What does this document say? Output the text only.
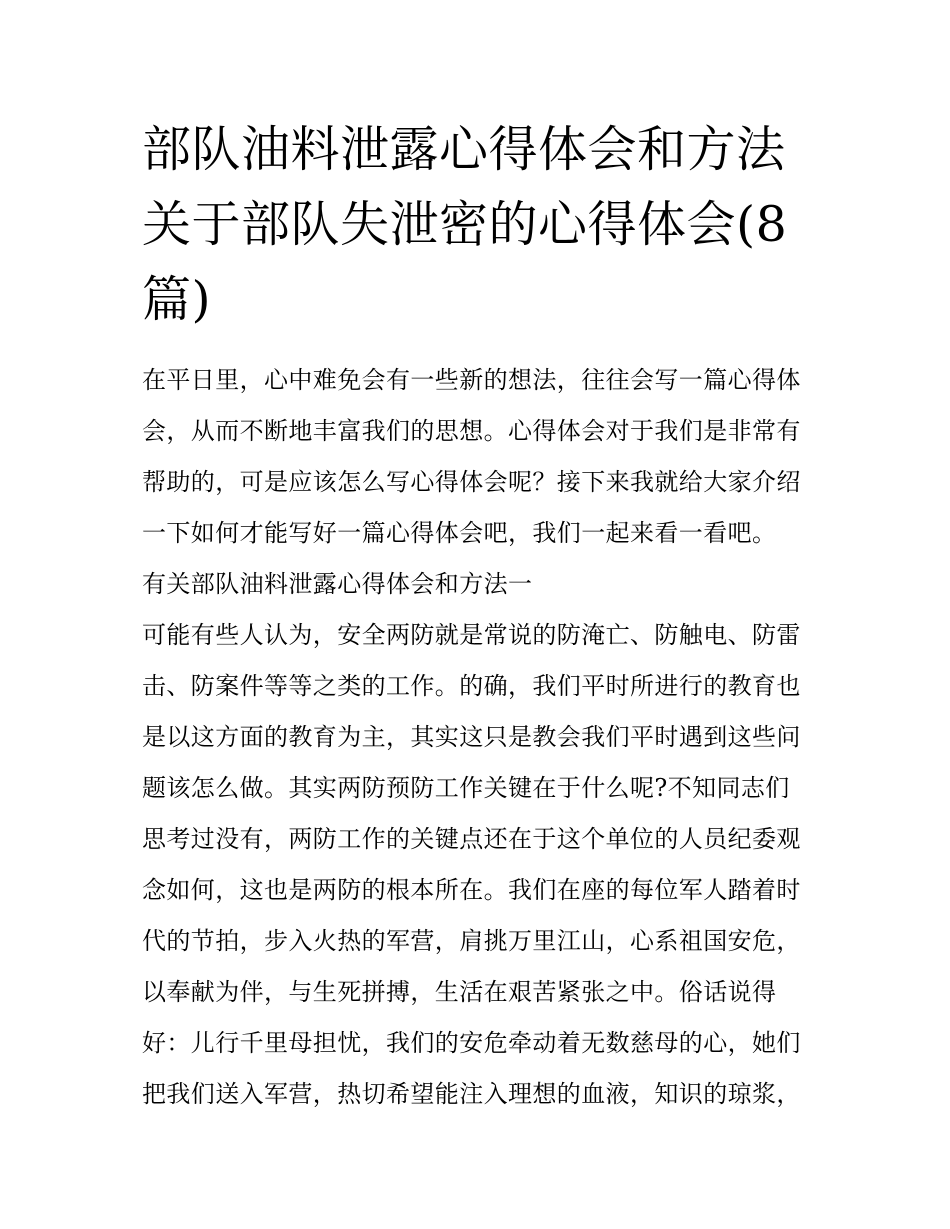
部队油料泄露心得体会和方法
关于部队失泄密的心得体会(8
篇)
在平日里，心中难免会有一些新的想法，往往会写一篇心得体
会，从而不断地丰富我们的思想。心得体会对于我们是非常有
帮助的，可是应该怎么写心得体会呢？接下来我就给大家介绍
一下如何才能写好一篇心得体会吧，我们一起来看一看吧。
有关部队油料泄露心得体会和方法一
可能有些人认为，安全两防就是常说的防淹亡、防触电、防雷
击、防案件等等之类的工作。的确，我们平时所进行的教育也
是以这方面的教育为主，其实这只是教会我们平时遇到这些问
题该怎么做。其实两防预防工作关键在于什么呢?不知同志们
思考过没有，两防工作的关键点还在于这个单位的人员纪委观
念如何，这也是两防的根本所在。我们在座的每位军人踏着时
代的节拍，步入火热的军营，肩挑万里江山，心系祖国安危，
以奉献为伴，与生死拼搏，生活在艰苦紧张之中。俗话说得
好：儿行千里母担忧，我们的安危牵动着无数慈母的心，她们
把我们送入军营，热切希望能注入理想的血液，知识的琼浆，
